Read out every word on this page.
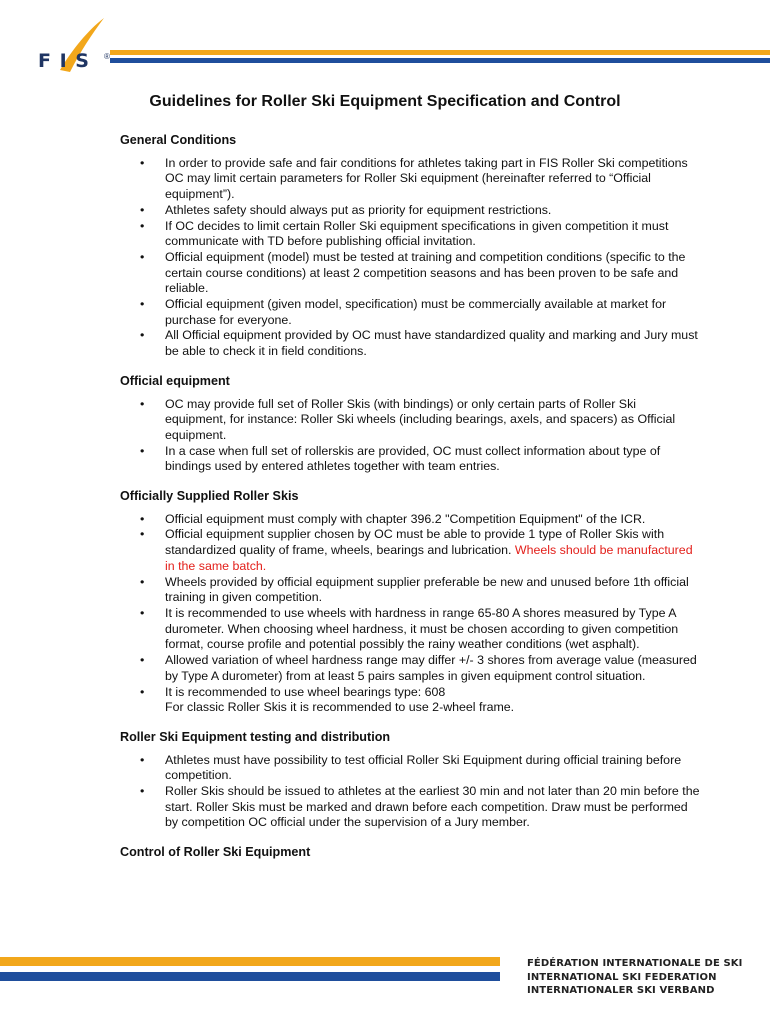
F I S ®
Guidelines for Roller Ski Equipment Specification and Control
General Conditions
• In order to provide safe and fair conditions for athletes taking part in FIS Roller Ski competitions OC may limit certain parameters for Roller Ski equipment (hereinafter referred to “Official equipment”).
• Athletes safety should always put as priority for equipment restrictions.
• If OC decides to limit certain Roller Ski equipment specifications in given competition it must communicate with TD before publishing official invitation.
• Official equipment (model) must be tested at training and competition conditions (specific to the certain course conditions) at least 2 competition seasons and has been proven to be safe and reliable.
• Official equipment (given model, specification) must be commercially available at market for purchase for everyone.
• All Official equipment provided by OC must have standardized quality and marking and Jury must be able to check it in field conditions.
Official equipment
• OC may provide full set of Roller Skis (with bindings) or only certain parts of Roller Ski equipment, for instance: Roller Ski wheels (including bearings, axels, and spacers) as Official equipment.
• In a case when full set of rollerskis are provided, OC must collect information about type of bindings used by entered athletes together with team entries.
Officially Supplied Roller Skis
• Official equipment must comply with chapter 396.2 "Competition Equipment" of the ICR.
• Official equipment supplier chosen by OC must be able to provide 1 type of Roller Skis with standardized quality of frame, wheels, bearings and lubrication. Wheels should be manufactured in the same batch.
• Wheels provided by official equipment supplier preferable be new and unused before 1th official training in given competition.
• It is recommended to use wheels with hardness in range 65-80 A shores measured by Type A durometer. When choosing wheel hardness, it must be chosen according to given competition format, course profile and potential possibly the rainy weather conditions (wet asphalt).
• Allowed variation of wheel hardness range may differ +/- 3 shores from average value (measured by Type A durometer) from at least 5 pairs samples in given equipment control situation.
• It is recommended to use wheel bearings type: 608
For classic Roller Skis it is recommended to use 2-wheel frame.
Roller Ski Equipment testing and distribution
• Athletes must have possibility to test official Roller Ski Equipment during official training before competition.
• Roller Skis should be issued to athletes at the earliest 30 min and not later than 20 min before the start. Roller Skis must be marked and drawn before each competition. Draw must be performed by competition OC official under the supervision of a Jury member.
Control of Roller Ski Equipment
FÉDÉRATION INTERNATIONALE DE SKI
INTERNATIONAL SKI FEDERATION
INTERNATIONALER SKI VERBAND
